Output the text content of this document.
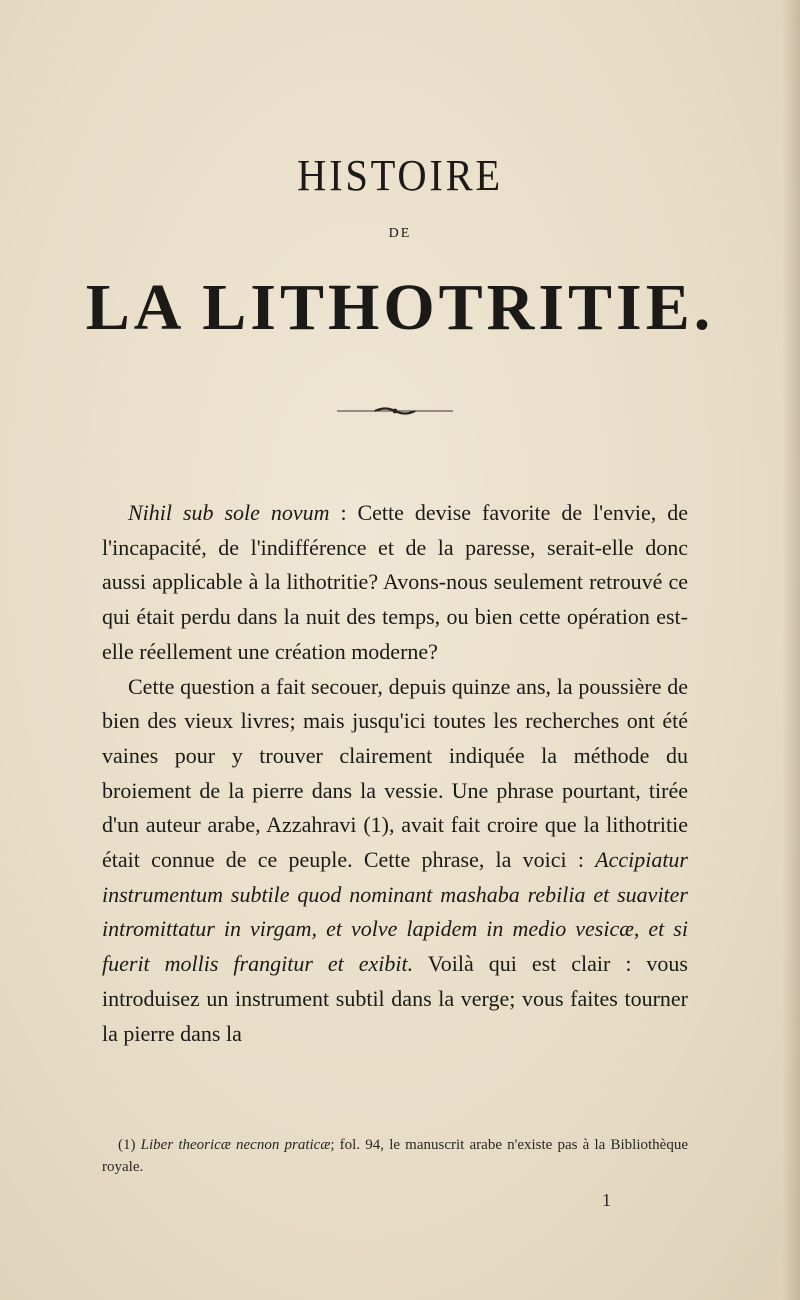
HISTOIRE
DE
LA LITHOTRITIE.

Nihil sub sole novum : Cette devise favorite de l'envie, de l'incapacité, de l'indifférence et de la paresse, serait-elle donc aussi applicable à la lithotritie? Avons-nous seulement retrouvé ce qui était perdu dans la nuit des temps, ou bien cette opération est-elle réellement une création moderne?

Cette question a fait secouer, depuis quinze ans, la poussière de bien des vieux livres; mais jusqu'ici toutes les recherches ont été vaines pour y trouver clairement indiquée la méthode du broiement de la pierre dans la vessie. Une phrase pourtant, tirée d'un auteur arabe, Azzahravi (1), avait fait croire que la lithotritie était connue de ce peuple. Cette phrase, la voici : Accipiatur instrumentum subtile quod nominant mashaba rebilia et suaviter intromittatur in virgam, et volve lapidem in medio vesicæ, et si fuerit mollis frangitur et exibit. Voilà qui est clair : vous introduisez un instrument subtil dans la verge; vous faites tourner la pierre dans la

(1) Liber theoricæ necnon praticæ; fol. 94, le manuscrit arabe n'existe pas à la Bibliothèque royale.

1
